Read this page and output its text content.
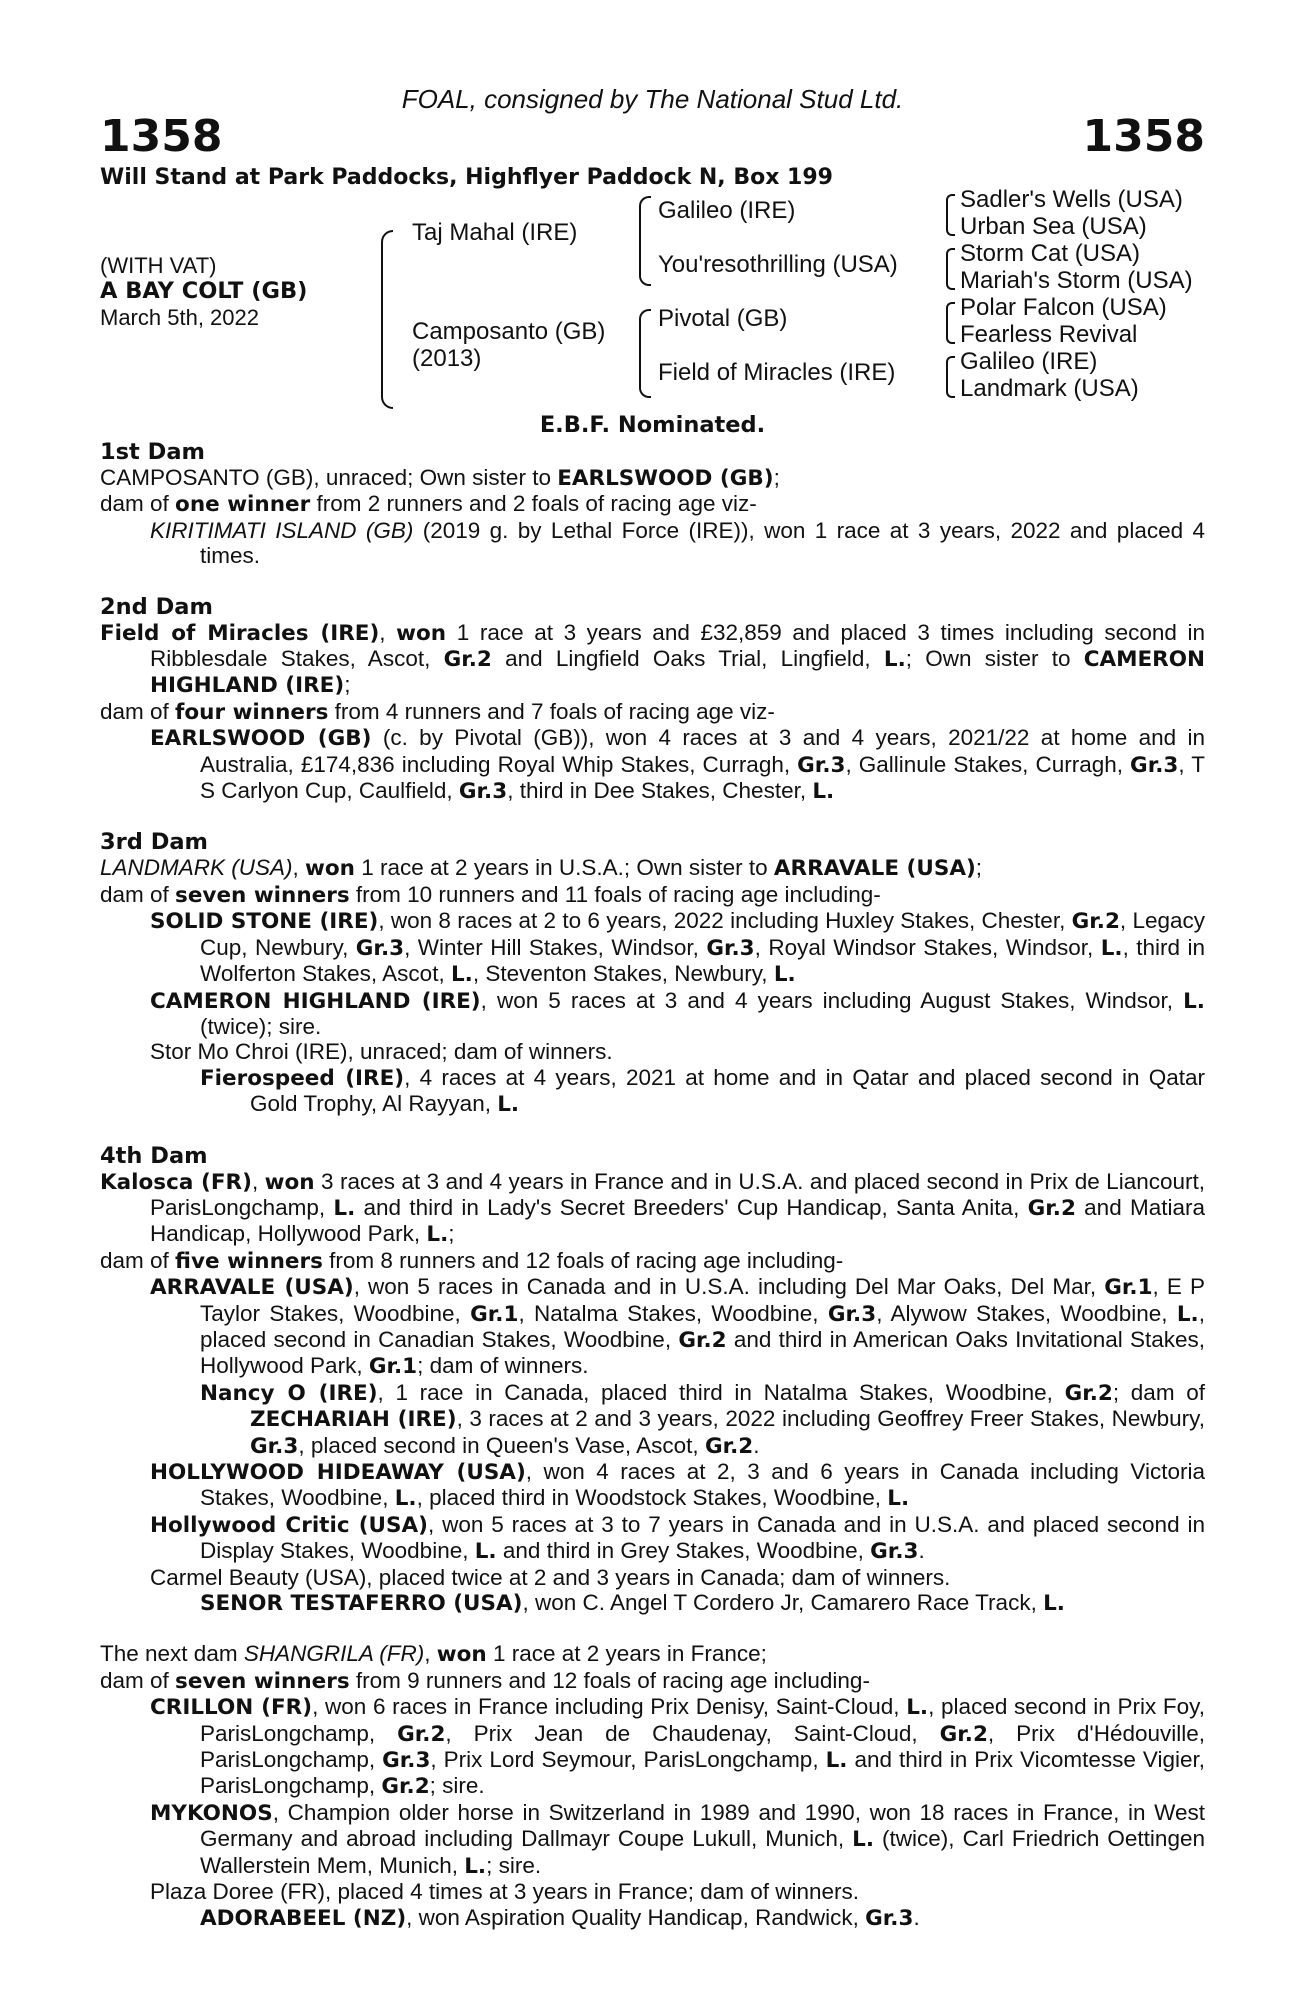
FOAL, consigned by The National Stud Ltd.

1358	1358
Will Stand at Park Paddocks, Highflyer Paddock N, Box 199
(WITH VAT)
A BAY COLT (GB)
March 5th, 2022
Taj Mahal (IRE)
Camposanto (GB)
(2013)
Galileo (IRE)
You'resothrilling (USA)
Pivotal (GB)
Field of Miracles (IRE)
Sadler's Wells (USA)
Urban Sea (USA)
Storm Cat (USA)
Mariah's Storm (USA)
Polar Falcon (USA)
Fearless Revival
Galileo (IRE)
Landmark (USA)
E.B.F. Nominated.
1st Dam

CAMPOSANTO (GB), unraced; Own sister to EARLSWOOD (GB);

dam of one winner from 2 runners and 2 foals of racing age viz-

KIRITIMATI ISLAND (GB) (2019 g. by Lethal Force (IRE)), won 1 race at 3 years, 2022 and placed 4 times.

2nd Dam

Field of Miracles (IRE), won 1 race at 3 years and £32,859 and placed 3 times including second in Ribblesdale Stakes, Ascot, Gr.2 and Lingfield Oaks Trial, Lingfield, L.; Own sister to CAMERON HIGHLAND (IRE);

dam of four winners from 4 runners and 7 foals of racing age viz-

EARLSWOOD (GB) (c. by Pivotal (GB)), won 4 races at 3 and 4 years, 2021/22 at home and in Australia, £174,836 including Royal Whip Stakes, Curragh, Gr.3, Gallinule Stakes, Curragh, Gr.3, T S Carlyon Cup, Caulfield, Gr.3, third in Dee Stakes, Chester, L.

3rd Dam

LANDMARK (USA), won 1 race at 2 years in U.S.A.; Own sister to ARRAVALE (USA);

dam of seven winners from 10 runners and 11 foals of racing age including-

SOLID STONE (IRE), won 8 races at 2 to 6 years, 2022 including Huxley Stakes, Chester, Gr.2, Legacy Cup, Newbury, Gr.3, Winter Hill Stakes, Windsor, Gr.3, Royal Windsor Stakes, Windsor, L., third in Wolferton Stakes, Ascot, L., Steventon Stakes, Newbury, L.

CAMERON HIGHLAND (IRE), won 5 races at 3 and 4 years including August Stakes, Windsor, L. (twice); sire.

Stor Mo Chroi (IRE), unraced; dam of winners.

Fierospeed (IRE), 4 races at 4 years, 2021 at home and in Qatar and placed second in Qatar Gold Trophy, Al Rayyan, L.

4th Dam

Kalosca (FR), won 3 races at 3 and 4 years in France and in U.S.A. and placed second in Prix de Liancourt, ParisLongchamp, L. and third in Lady's Secret Breeders' Cup Handicap, Santa Anita, Gr.2 and Matiara Handicap, Hollywood Park, L.;

dam of five winners from 8 runners and 12 foals of racing age including-

ARRAVALE (USA), won 5 races in Canada and in U.S.A. including Del Mar Oaks, Del Mar, Gr.1, E P Taylor Stakes, Woodbine, Gr.1, Natalma Stakes, Woodbine, Gr.3, Alywow Stakes, Woodbine, L., placed second in Canadian Stakes, Woodbine, Gr.2 and third in American Oaks Invitational Stakes, Hollywood Park, Gr.1; dam of winners.

Nancy O (IRE), 1 race in Canada, placed third in Natalma Stakes, Woodbine, Gr.2; dam of ZECHARIAH (IRE), 3 races at 2 and 3 years, 2022 including Geoffrey Freer Stakes, Newbury, Gr.3, placed second in Queen's Vase, Ascot, Gr.2.

HOLLYWOOD HIDEAWAY (USA), won 4 races at 2, 3 and 6 years in Canada including Victoria Stakes, Woodbine, L., placed third in Woodstock Stakes, Woodbine, L.

Hollywood Critic (USA), won 5 races at 3 to 7 years in Canada and in U.S.A. and placed second in Display Stakes, Woodbine, L. and third in Grey Stakes, Woodbine, Gr.3.

Carmel Beauty (USA), placed twice at 2 and 3 years in Canada; dam of winners.

SENOR TESTAFERRO (USA), won C. Angel T Cordero Jr, Camarero Race Track, L.

The next dam SHANGRILA (FR), won 1 race at 2 years in France;

dam of seven winners from 9 runners and 12 foals of racing age including-

CRILLON (FR), won 6 races in France including Prix Denisy, Saint-Cloud, L., placed second in Prix Foy, ParisLongchamp, Gr.2, Prix Jean de Chaudenay, Saint-Cloud, Gr.2, Prix d'Hédouville, ParisLongchamp, Gr.3, Prix Lord Seymour, ParisLongchamp, L. and third in Prix Vicomtesse Vigier, ParisLongchamp, Gr.2; sire.

MYKONOS, Champion older horse in Switzerland in 1989 and 1990, won 18 races in France, in West Germany and abroad including Dallmayr Coupe Lukull, Munich, L. (twice), Carl Friedrich Oettingen Wallerstein Mem, Munich, L.; sire.

Plaza Doree (FR), placed 4 times at 3 years in France; dam of winners.

ADORABEEL (NZ), won Aspiration Quality Handicap, Randwick, Gr.3.
